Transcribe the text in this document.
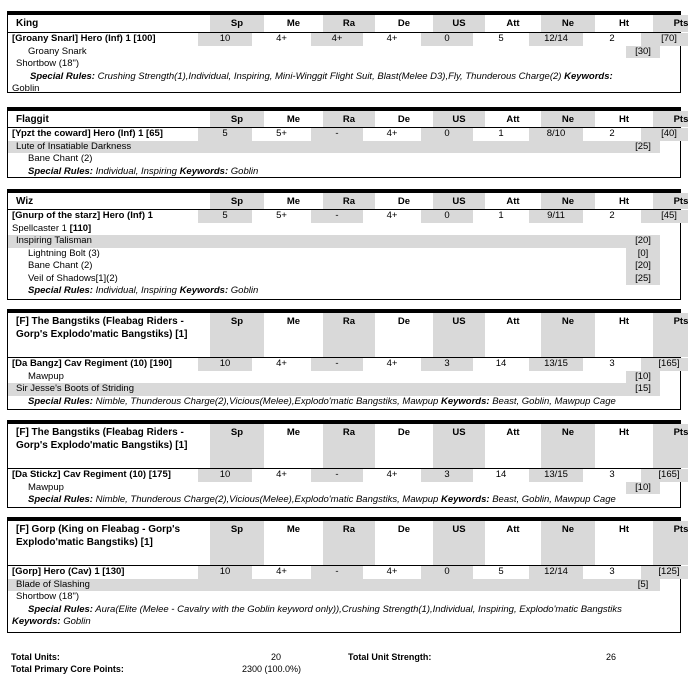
King	Sp	Me	Ra	De	US	Att	Ne	Ht	Pts
[Groany Snarl] Hero (Inf) 1 [100]	10	4+	4+	4+	0	5	12/14	2	[70]
Groany Snark	[30]
Shortbow (18")
Special Rules: Crushing Strength(1),Individual, Inspiring, Mini-Winggit Flight Suit, Blast(Melee D3),Fly, Thunderous Charge(2) Keywords:
Goblin
Flaggit	Sp	Me	Ra	De	US	Att	Ne	Ht	Pts
[Ypzt the coward] Hero (Inf) 1 [65]	5	5+	-	4+	0	1	8/10	2	[40]
Lute of Insatiable Darkness	[25]
Bane Chant (2)
Special Rules: Individual, Inspiring Keywords: Goblin
Wiz	Sp	Me	Ra	De	US	Att	Ne	Ht	Pts
[Gnurp of the starz] Hero (Inf) 1	5	5+	-	4+	0	1	9/11	2	[45]
Spellcaster 1 [110]
Inspiring Talisman	[20]
Lightning Bolt (3)	[0]
Bane Chant (2)	[20]
Veil of Shadows[1](2)	[25]
Special Rules: Individual, Inspiring Keywords: Goblin
[F] The Bangstiks (Fleabag Riders - Gorp's Explodo'matic Bangstiks) [1]
Sp	Me	Ra	De	US	Att	Ne	Ht	Pts
[Da Bangz] Cav Regiment (10) [190]	10	4+	-	4+	3	14	13/15	3	[165]
Mawpup	[10]
Sir Jesse's Boots of Striding	[15]
Special Rules: Nimble, Thunderous Charge(2),Vicious(Melee),Explodo'matic Bangstiks, Mawpup Keywords: Beast, Goblin, Mawpup Cage
[F] The Bangstiks (Fleabag Riders - Gorp's Explodo'matic Bangstiks) [1]
Sp	Me	Ra	De	US	Att	Ne	Ht	Pts
[Da Stickz] Cav Regiment (10) [175]	10	4+	-	4+	3	14	13/15	3	[165]
Mawpup	[10]
Special Rules: Nimble, Thunderous Charge(2),Vicious(Melee),Explodo'matic Bangstiks, Mawpup Keywords: Beast, Goblin, Mawpup Cage
[F] Gorp (King on Fleabag - Gorp's Explodo'matic Bangstiks) [1]
Sp	Me	Ra	De	US	Att	Ne	Ht	Pts
[Gorp] Hero (Cav) 1 [130]	10	4+	-	4+	0	5	12/14	3	[125]
Blade of Slashing	[5]
Shortbow (18")
Special Rules: Aura(Elite (Melee - Cavalry with the Goblin keyword only)),Crushing Strength(1),Individual, Inspiring, Explodo'matic Bangstiks
Keywords: Goblin
Total Units:	20	Total Unit Strength:	26
Total Primary Core Points:	2300 (100.0%)
